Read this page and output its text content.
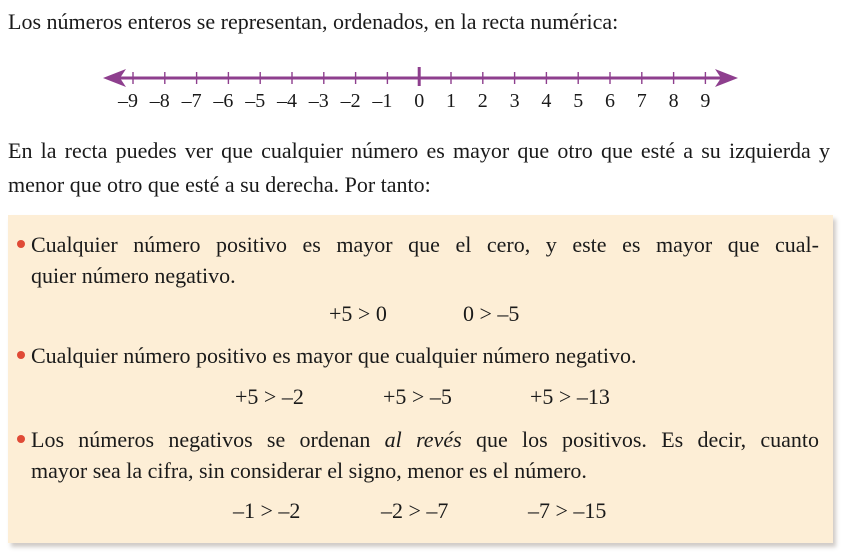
Los números enteros se representan, ordenados, en la recta numérica:
–9 –8 –7 –6 –5 –4 –3 –2 –1 0 1 2 3 4 5 6 7 8 9
En la recta puedes ver que cualquier número es mayor que otro que esté a su izquierda y menor que otro que esté a su derecha. Por tanto:
Cualquier número positivo es mayor que el cero, y este es mayor que cual-
quier número negativo.
+5 > 0	0 > –5
Cualquier número positivo es mayor que cualquier número negativo.
+5 > –2	+5 > –5	+5 > –13
Los números negativos se ordenan al revés que los positivos. Es decir, cuanto
mayor sea la cifra, sin considerar el signo, menor es el número.
–1 > –2	–2 > –7	–7 > –15
